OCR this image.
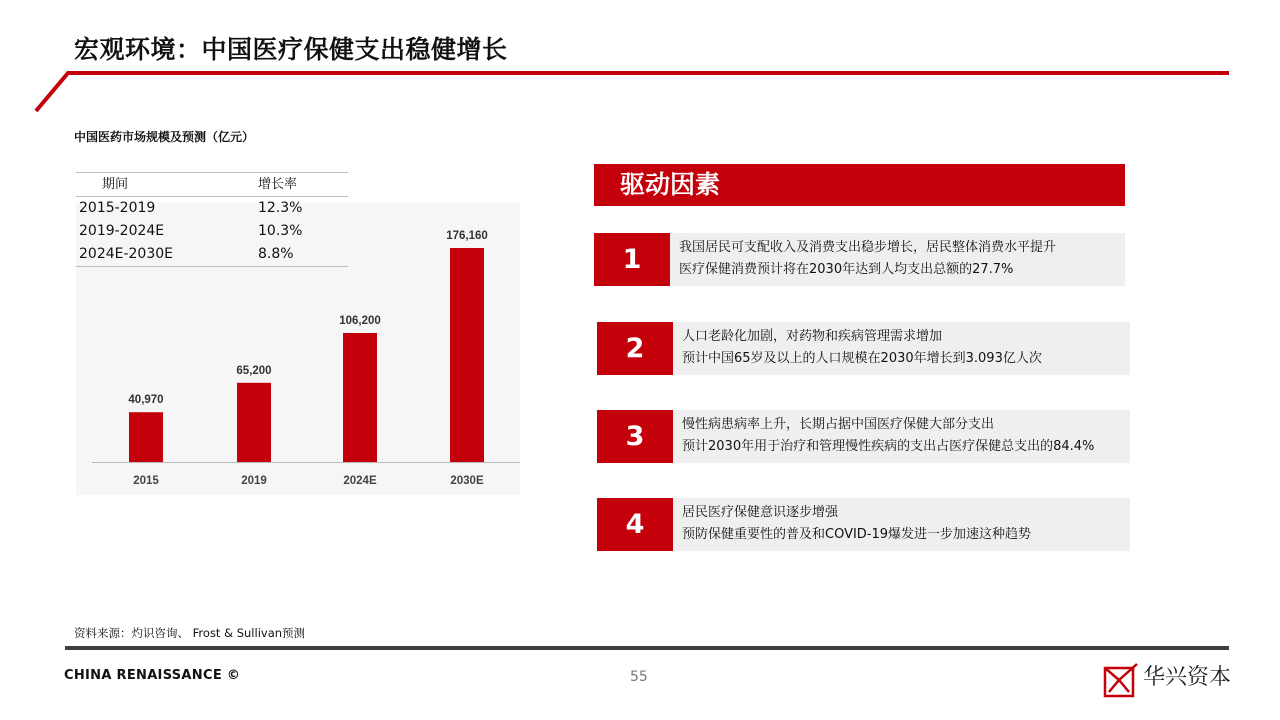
宏观环境：中国医疗保健支出稳健增长
中国医药市场规模及预测（亿元）
40,970
2015
65,200
2019
106,200
2024E
176,160
2030E
期间	增长率
2015-2019	12.3%
2019-2024E	10.3%
2024E-2030E	8.8%
驱动因素
1	我国居民可支配收入及消费支出稳步增长，居民整体消费水平提升
医疗保健消费预计将在2030年达到人均支出总额的27.7%
2	人口老龄化加剧，对药物和疾病管理需求增加
预计中国65岁及以上的人口规模在2030年增长到3.093亿人次
3	慢性病患病率上升，长期占据中国医疗保健大部分支出
预计2030年用于治疗和管理慢性疾病的支出占医疗保健总支出的84.4%
4	居民医疗保健意识逐步增强
预防保健重要性的普及和COVID-19爆发进一步加速这种趋势
资料来源：灼识咨询、 Frost & Sullivan预测
CHINA RENAISSANCE ©	55	华兴资本
